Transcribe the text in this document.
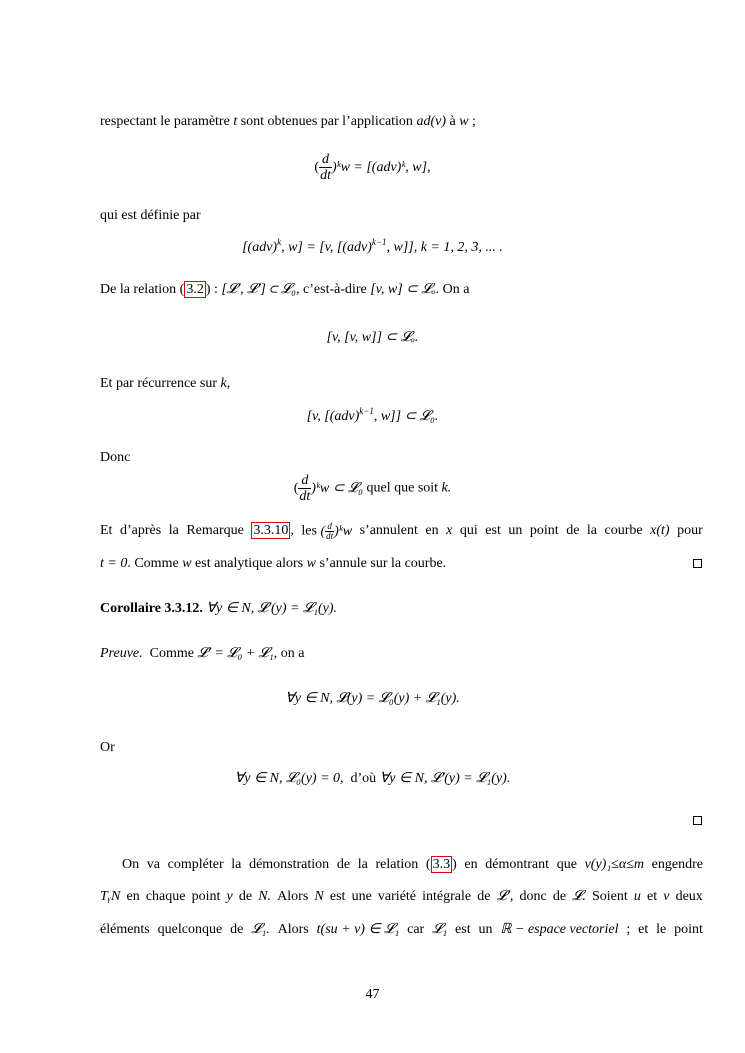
respectant le paramètre t sont obtenues par l’application ad(v) à w ;
( $\frac{d}{dt}$ )ᵏw = [(adv)ᵏ, w],
qui est définie par
[(adv)$^k$, w] = [v, [(adv)$^{k-1}$, w]], k = 1, 2, 3, ... .
De la relation ( 3.2 ) : [𝓛′, 𝓛′] ⊂ 𝓛₀, c’est-à-dire [v, w] ⊂ 𝓛ₒ. On a
[v, [v, w]] ⊂ 𝓛ₒ.
Et par récurrence sur k,
[v, [(adv)$^{k-1}$, w]] ⊂ 𝓛₀.
Donc
( $\frac{d}{dt}$ )ᵏw ⊂ 𝓛₀ quel que soit k.
Et d’après la Remarque 3.3.10 , les ( $\frac{d}{dt}$ )ᵏw s’annulent en x qui est un point de la courbe x(t) pour
t = 0. Comme w est analytique alors w s’annule sur la courbe.
Corollaire 3.3.12. ∀y ∈ N, 𝓛′(y) = 𝓛₁(y).
Preuve. Comme 𝓛′ = 𝓛₀ + 𝓛₁, on a
∀y ∈ N, 𝓛(y) = 𝓛₀(y) + 𝓛₁(y).
Or
∀y ∈ N, 𝓛₀(y) = 0, d’où ∀y ∈ N, 𝓛′(y) = 𝓛₁(y).
On va compléter la démonstration de la relation ( 3.3 ) en démontrant que v(y)₁≤α≤m engendre
TᵧN en chaque point y de N. Alors N est une variété intégrale de 𝓛′, donc de 𝓛. Soient u et v deux
éléments quelconque de 𝓛₁. Alors t(su + v) ∈ 𝓛₁ car 𝓛₁ est un ℝ − espace vectoriel ; et le point
47
